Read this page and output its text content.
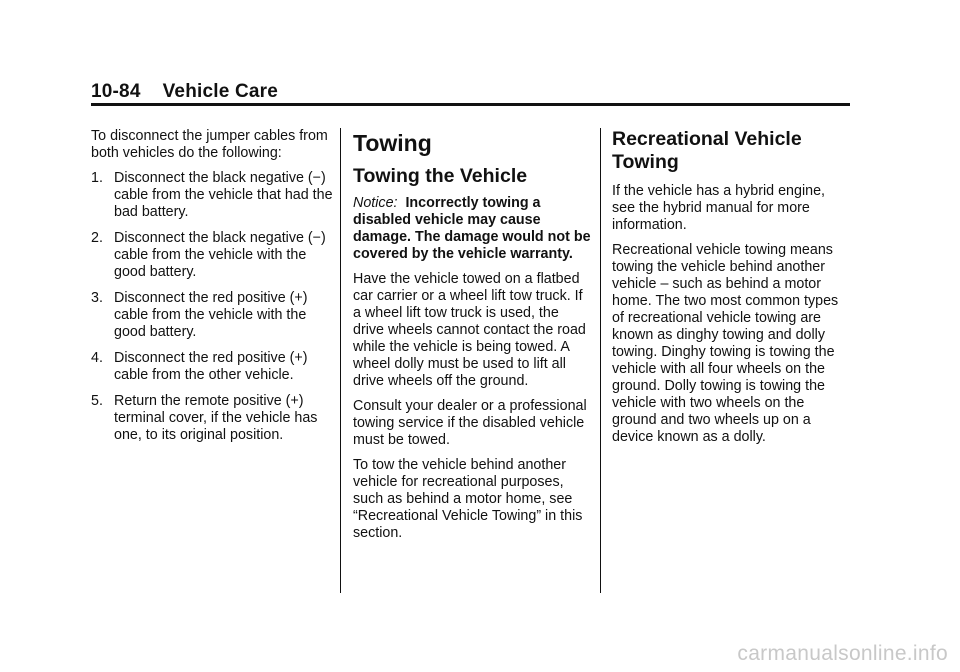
10-84 Vehicle Care

To disconnect the jumper cables from both vehicles do the following:

1. Disconnect the black negative (−) cable from the vehicle that had the bad battery.
2. Disconnect the black negative (−) cable from the vehicle with the good battery.
3. Disconnect the red positive (+) cable from the vehicle with the good battery.
4. Disconnect the red positive (+) cable from the other vehicle.
5. Return the remote positive (+) terminal cover, if the vehicle has one, to its original position.
Towing
Towing the Vehicle

Notice: Incorrectly towing a disabled vehicle may cause damage. The damage would not be covered by the vehicle warranty.

Have the vehicle towed on a flatbed car carrier or a wheel lift tow truck. If a wheel lift tow truck is used, the drive wheels cannot contact the road while the vehicle is being towed. A wheel dolly must be used to lift all drive wheels off the ground.

Consult your dealer or a professional towing service if the disabled vehicle must be towed.

To tow the vehicle behind another vehicle for recreational purposes, such as behind a motor home, see “Recreational Vehicle Towing” in this section.

Recreational Vehicle Towing

If the vehicle has a hybrid engine, see the hybrid manual for more information.

Recreational vehicle towing means towing the vehicle behind another vehicle – such as behind a motor home. The two most common types of recreational vehicle towing are known as dinghy towing and dolly towing. Dinghy towing is towing the vehicle with all four wheels on the ground. Dolly towing is towing the vehicle with two wheels on the ground and two wheels up on a device known as a dolly.

carmanualsonline.info
